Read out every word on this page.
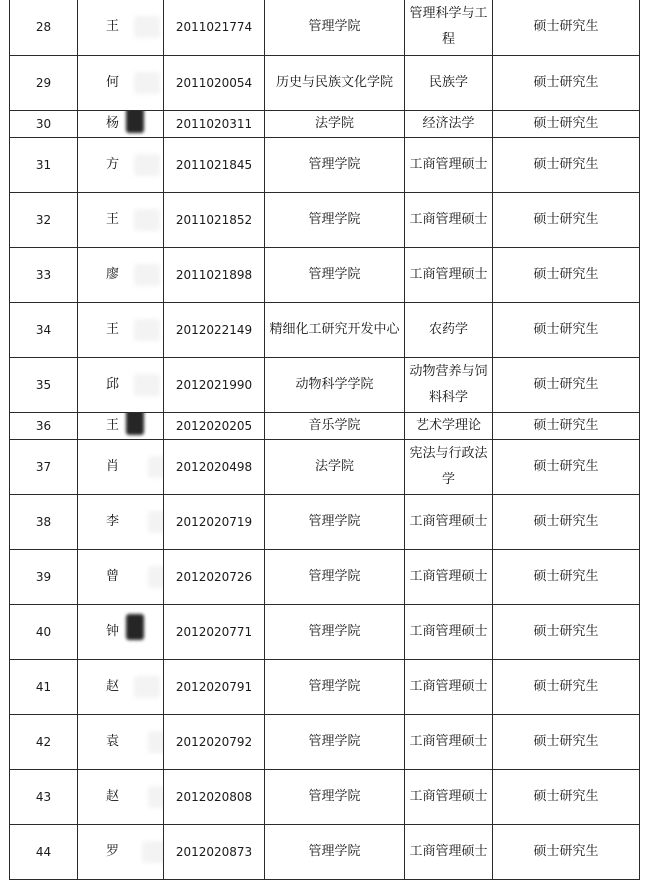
28	王	2011021774	管理学院	管理科学与工程	硕士研究生
29	何	2011020054	历史与民族文化学院	民族学	硕士研究生
30	杨	2011020311	法学院	经济法学	硕士研究生
31	方	2011021845	管理学院	工商管理硕士	硕士研究生
32	王	2011021852	管理学院	工商管理硕士	硕士研究生
33	廖	2011021898	管理学院	工商管理硕士	硕士研究生
34	王	2012022149	精细化工研究开发中心	农药学	硕士研究生
35	邱	2012021990	动物科学学院	动物营养与饲料科学	硕士研究生
36	王	2012020205	音乐学院	艺术学理论	硕士研究生
37	肖	2012020498	法学院	宪法与行政法学	硕士研究生
38	李	2012020719	管理学院	工商管理硕士	硕士研究生
39	曾	2012020726	管理学院	工商管理硕士	硕士研究生
40	钟	2012020771	管理学院	工商管理硕士	硕士研究生
41	赵	2012020791	管理学院	工商管理硕士	硕士研究生
42	袁	2012020792	管理学院	工商管理硕士	硕士研究生
43	赵	2012020808	管理学院	工商管理硕士	硕士研究生
44	罗	2012020873	管理学院	工商管理硕士	硕士研究生
